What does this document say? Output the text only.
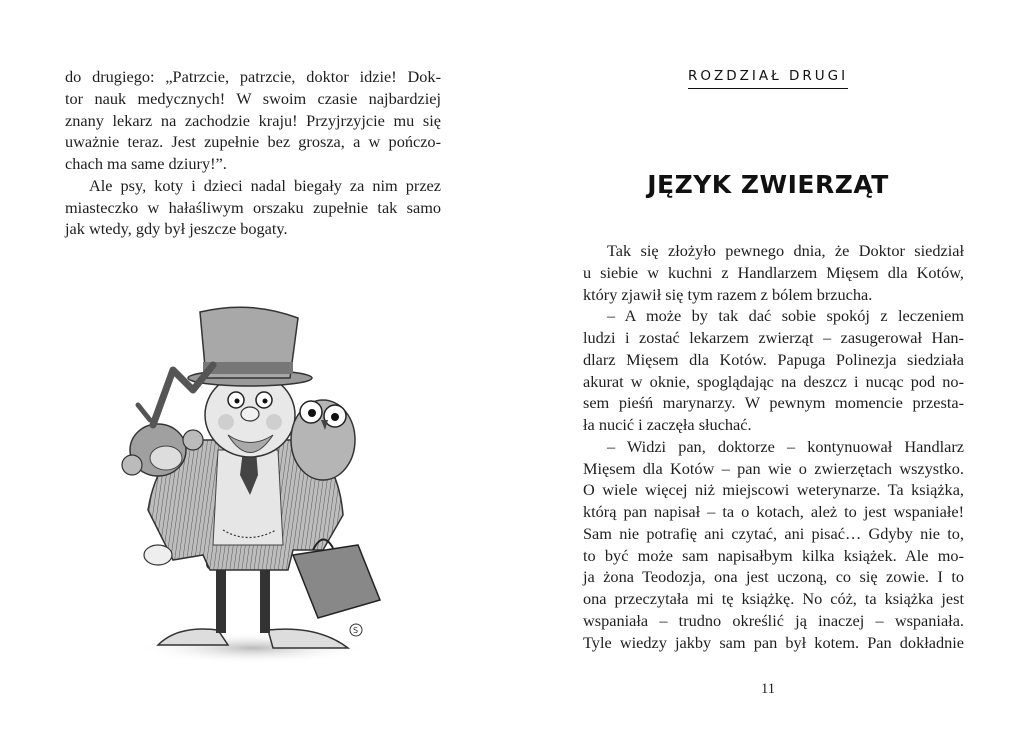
do drugiego: „Patrzcie, patrzcie, doktor idzie! Dok-
tor nauk medycznych! W swoim czasie najbardziej
znany lekarz na zachodzie kraju! Przyjrzyjcie mu się
uważnie teraz. Jest zupełnie bez grosza, a w pończo-
chach ma same dziury!”.
Ale psy, koty i dzieci nadal biegały za nim przez
miasteczko w hałaśliwym orszaku zupełnie tak samo
jak wtedy, gdy był jeszcze bogaty.
S
ROZDZIAŁ DRUGI
JĘZYK ZWIERZĄT
Tak się złożyło pewnego dnia, że Doktor siedział
u siebie w kuchni z Handlarzem Mięsem dla Kotów,
który zjawił się tym razem z bólem brzucha.
– A może by tak dać sobie spokój z leczeniem
ludzi i zostać lekarzem zwierząt – zasugerował Han-
dlarz Mięsem dla Kotów. Papuga Polinezja siedziała
akurat w oknie, spoglądając na deszcz i nucąc pod no-
sem pieśń marynarzy. W pewnym momencie przesta-
ła nucić i zaczęła słuchać.
– Widzi pan, doktorze – kontynuował Handlarz
Mięsem dla Kotów – pan wie o zwierzętach wszystko.
O wiele więcej niż miejscowi weterynarze. Ta książka,
którą pan napisał – ta o kotach, ależ to jest wspaniałe!
Sam nie potrafię ani czytać, ani pisać… Gdyby nie to,
to być może sam napisałbym kilka książek. Ale mo-
ja żona Teodozja, ona jest uczoną, co się zowie. I to
ona przeczytała mi tę książkę. No cóż, ta książka jest
wspaniała – trudno określić ją inaczej – wspaniała.
Tyle wiedzy jakby sam pan był kotem. Pan dokładnie
11
